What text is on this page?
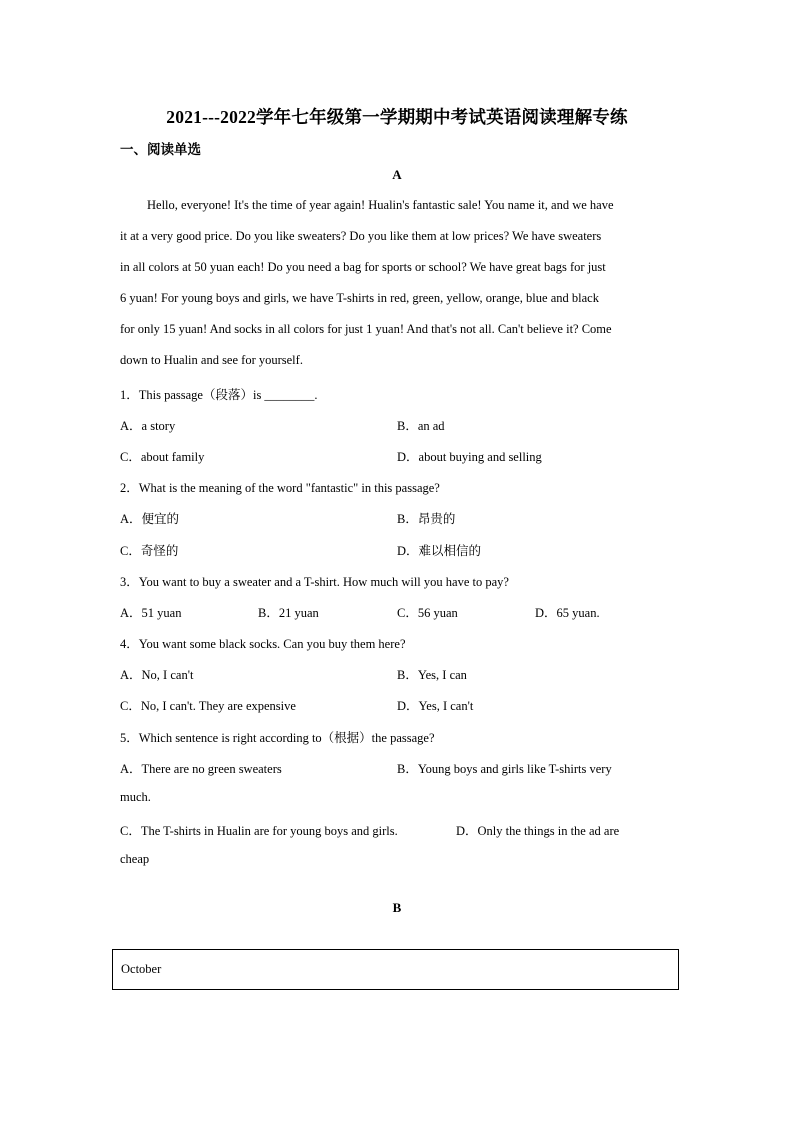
2021---2022学年七年级第一学期期中考试英语阅读理解专练
一、阅读单选
A
Hello, everyone! It's the time of year again! Hualin's fantastic sale! You name it, and we have
it at a very good price. Do you like sweaters? Do you like them at low prices? We have sweaters
in all colors at 50 yuan each! Do you need a bag for sports or school? We have great bags for just
6 yuan! For young boys and girls, we have T-shirts in red, green, yellow, orange, blue and black
for only 15 yuan! And socks in all colors for just 1 yuan! And that's not all. Can't believe it? Come
down to Hualin and see for yourself.
1．This passage（段落）is ________.
A．a story	B．an ad
C．about family	D．about buying and selling
2．What is the meaning of the word "fantastic" in this passage?
A．便宜的	B．昂贵的
C．奇怪的	D．难以相信的
3．You want to buy a sweater and a T-shirt. How much will you have to pay?
A．51 yuan	B．21 yuan	C．56 yuan	D．65 yuan.
4．You want some black socks. Can you buy them here?
A．No, I can't	B．Yes, I can
C．No, I can't. They are expensive	D．Yes, I can't
5．Which sentence is right according to（根据）the passage?
A．There are no green sweaters	B．Young boys and girls like T-shirts very
much.
C．The T-shirts in Hualin are for young boys and girls.	D．Only the things in the ad are
cheap
B
October
